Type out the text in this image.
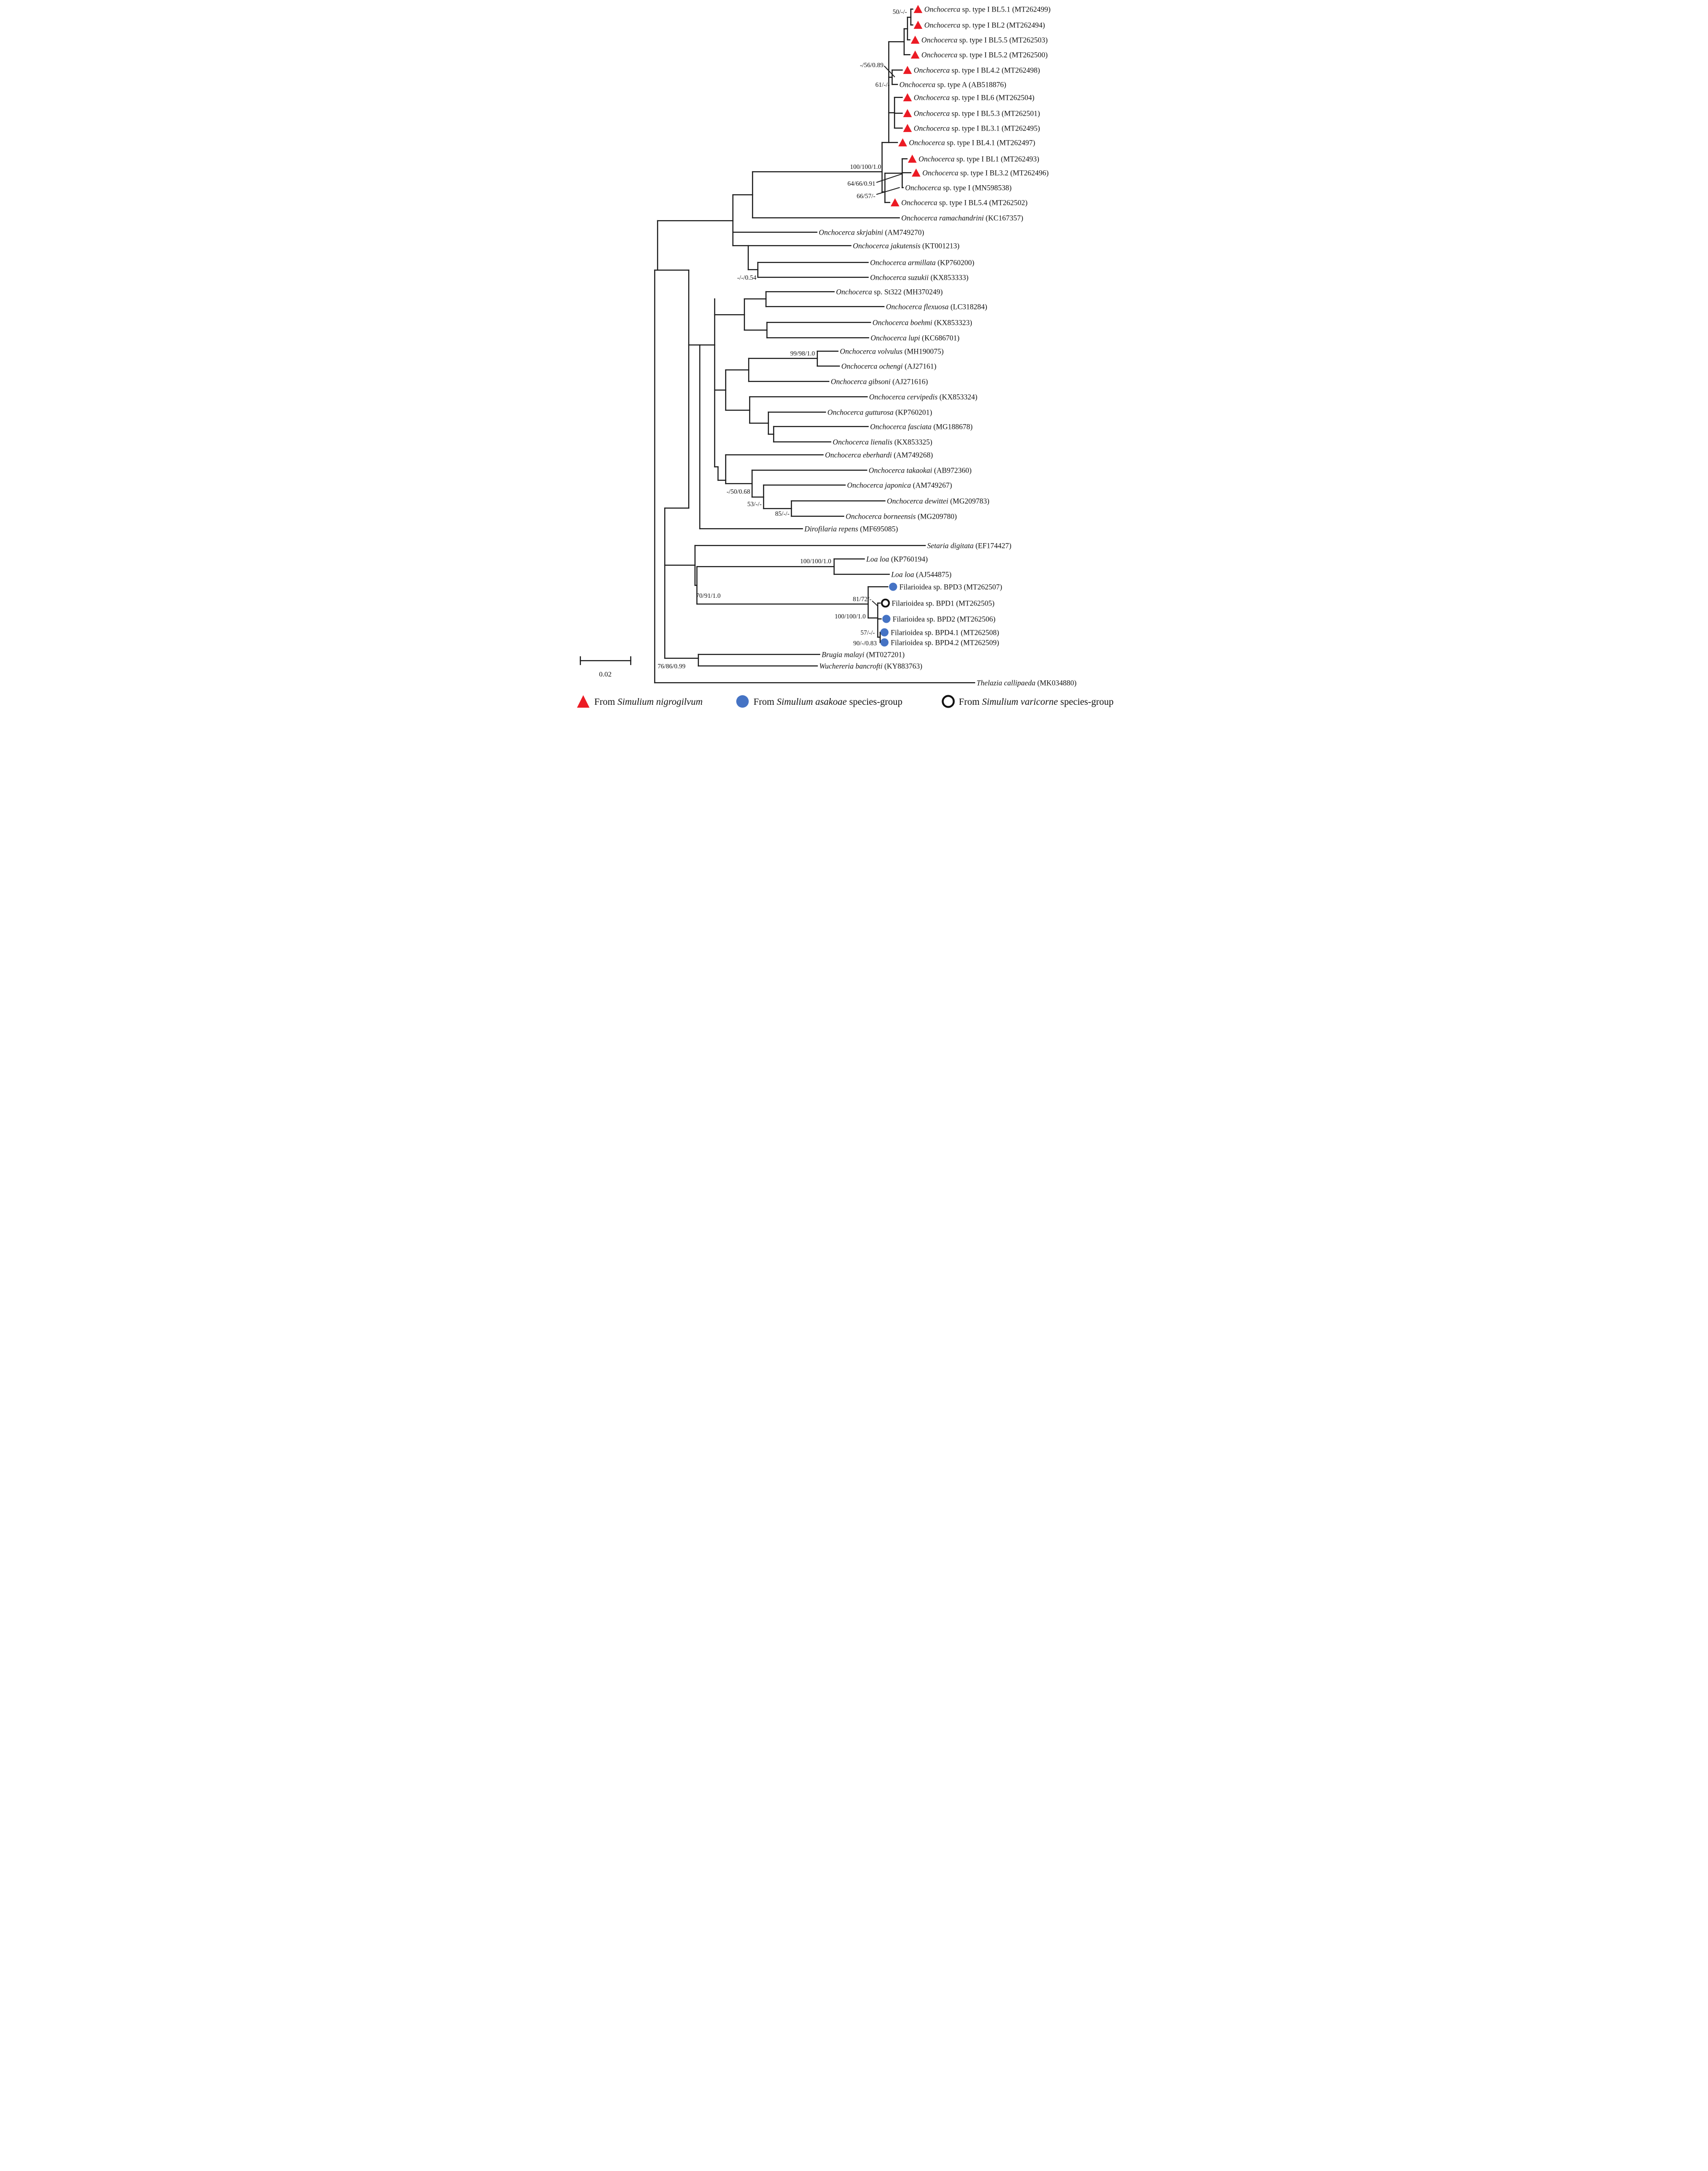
Onchocerca sp. type I BL5.1 (MT262499)
Onchocerca sp. type I BL2 (MT262494)
Onchocerca sp. type I BL5.5 (MT262503)
Onchocerca sp. type I BL5.2 (MT262500)
Onchocerca sp. type I BL4.2 (MT262498)
Onchocerca sp. type A (AB518876)
Onchocerca sp. type I BL6 (MT262504)
Onchocerca sp. type I BL5.3 (MT262501)
Onchocerca sp. type I BL3.1 (MT262495)
Onchocerca sp. type I BL4.1 (MT262497)
Onchocerca sp. type I BL1 (MT262493)
Onchocerca sp. type I BL3.2 (MT262496)
Onchocerca sp. type I (MN598538)
Onchocerca sp. type I BL5.4 (MT262502)
Onchocerca ramachandrini (KC167357)
Onchocerca skrjabini (AM749270)
Onchocerca jakutensis (KT001213)
Onchocerca armillata (KP760200)
Onchocerca suzukii (KX853333)
Onchocerca sp. St322 (MH370249)
Onchocerca flexuosa (LC318284)
Onchocerca boehmi (KX853323)
Onchocerca lupi (KC686701)
Onchocerca volvulus (MH190075)
Onchocerca ochengi (AJ27161)
Onchocerca gibsoni (AJ271616)
Onchocerca cervipedis (KX853324)
Onchocerca gutturosa (KP760201)
Onchocerca fasciata (MG188678)
Onchocerca lienalis (KX853325)
Onchocerca eberhardi (AM749268)
Onchocerca takaokai (AB972360)
Onchocerca japonica (AM749267)
Onchocerca dewittei (MG209783)
Onchocerca borneensis (MG209780)
Dirofilaria repens (MF695085)
Setaria digitata (EF174427)
Loa loa (KP760194)
Loa loa (AJ544875)
Filarioidea sp. BPD3 (MT262507)
Filarioidea sp. BPD1 (MT262505)
Filarioidea sp. BPD2 (MT262506)
Filarioidea sp. BPD4.1 (MT262508)
Filarioidea sp. BPD4.2 (MT262509)
Brugia malayi (MT027201)
Wuchereria bancrofti (KY883763)
Thelazia callipaeda (MK034880)
50/-/-
-/56/0.89
61/-/-
100/100/1.0
64/66/0.91
66/57/-
-/-/0.54
99/98/1.0
-/50/0.68
53/-/-
85/-/-
100/100/1.0
70/91/1.0	81/72/-
100/100/1.0
57/-/-
90/-/0.83
76/86/0.99
0.02
From Simulium nigrogilvum	From Simulium asakoae species-group	From Simulium varicorne species-group
